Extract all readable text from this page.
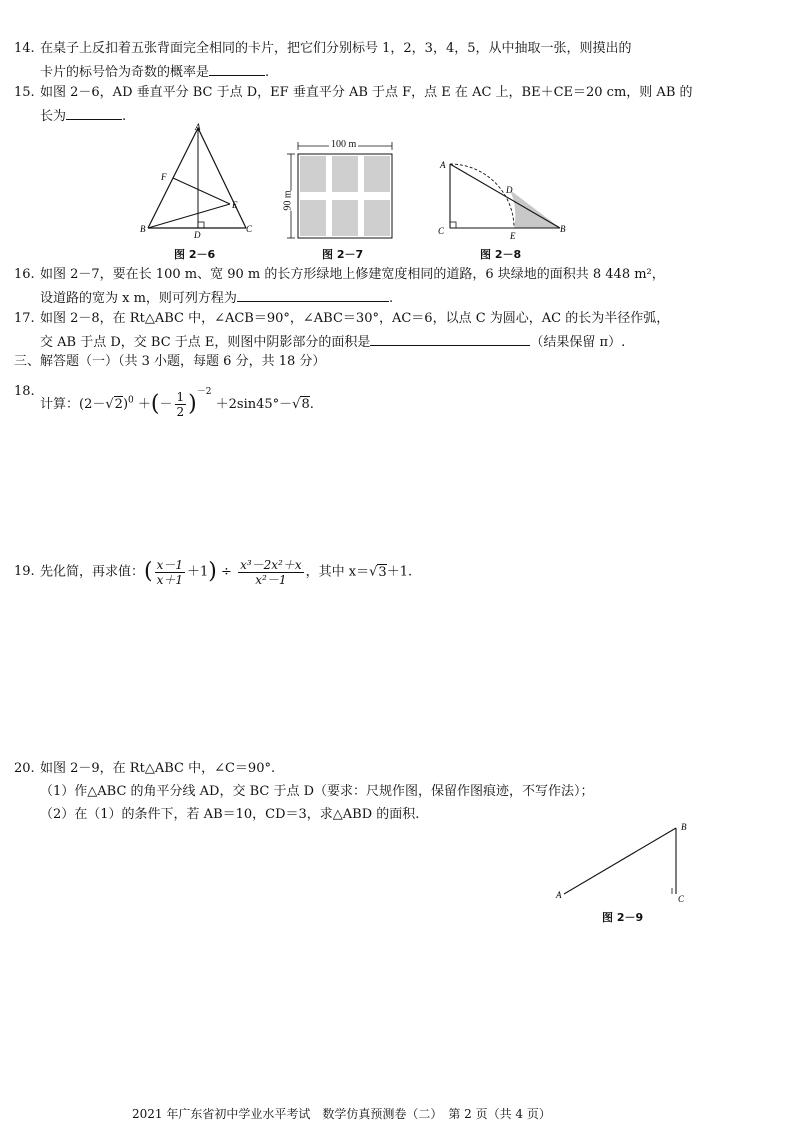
14. 在桌子上反扣着五张背面完全相同的卡片，把它们分别标号 1，2，3，4，5，从中抽取一张，则摸出的
卡片的标号恰为奇数的概率是	.
15. 如图 2－6，AD 垂直平分 BC 于点 D，EF 垂直平分 AB 于点 F，点 E 在 AC 上，BE＋CE＝20 cm，则 AB 的
长为	.
A
F
E
B
D
C
图 2－6
100 m
90 m
图 2－7
A
D
C	E
B
图 2－8
16. 如图 2－7，要在长 100 m、宽 90 m 的长方形绿地上修建宽度相同的道路，6 块绿地的面积共 8 448 m²，
设道路的宽为 x m，则可列方程为	.
17. 如图 2－8，在 Rt△ABC 中，∠ACB＝90°，∠ABC＝30°，AC＝6，以点 C 为圆心，AC 的长为半径作弧，
交 AB 于点 D，交 BC 于点 E，则图中阴影部分的面积是	（结果保留 π）.
三、解答题（一）（共 3 小题，每题 6 分，共 18 分）
18.
计算：$(2-√2)^0$ ＋(－ $\frac{1}{2} )^{-2} +2\sin 45^\circ-√8$.
19. 先化简，再求值：( $\frac{x-1}{x+1} +1) \div \frac{\text{x³－2x²＋x}}{\text{x²－1}}$ ，其中 x＝√3＋1.
20. 如图 2－9，在 Rt△ABC 中，∠C＝90°.
（1）作△ABC 的角平分线 AD，交 BC 于点 D（要求：尺规作图，保留作图痕迹，不写作法）；
（2）在（1）的条件下，若 AB＝10，CD＝3，求△ABD 的面积.
B
A	C
图 2－9
2021 年广东省初中学业水平考试　数学仿真预测卷（二）　第 2 页（共 4 页）
